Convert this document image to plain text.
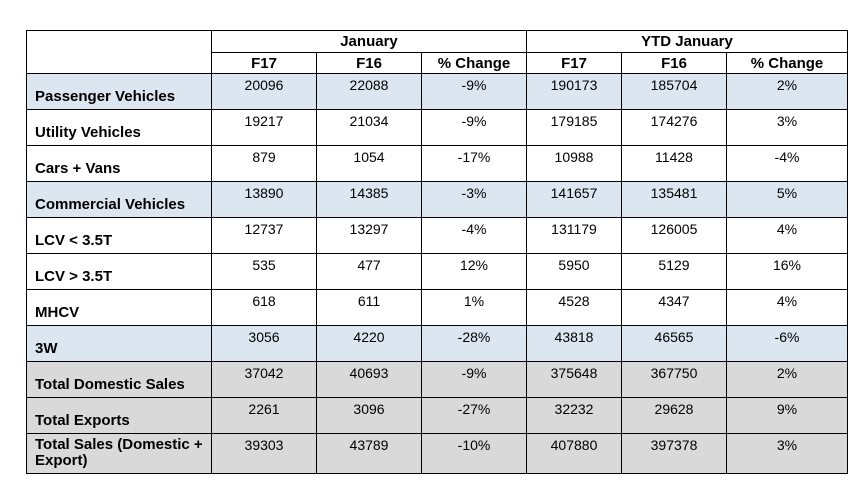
	January			YTD January		
	F17	F16	% Change	F17	F16	% Change
Passenger Vehicles	20096	22088	-9%	190173	185704	2%
Utility Vehicles	19217	21034	-9%	179185	174276	3%
Cars + Vans	879	1054	-17%	10988	11428	-4%
Commercial Vehicles	13890	14385	-3%	141657	135481	5%
LCV < 3.5T	12737	13297	-4%	131179	126005	4%
LCV > 3.5T	535	477	12%	5950	5129	16%
MHCV	618	611	1%	4528	4347	4%
3W	3056	4220	-28%	43818	46565	-6%
Total Domestic Sales	37042	40693	-9%	375648	367750	2%
Total Exports	2261	3096	-27%	32232	29628	9%
Total Sales (Domestic + Export)	39303	43789	-10%	407880	397378	3%
